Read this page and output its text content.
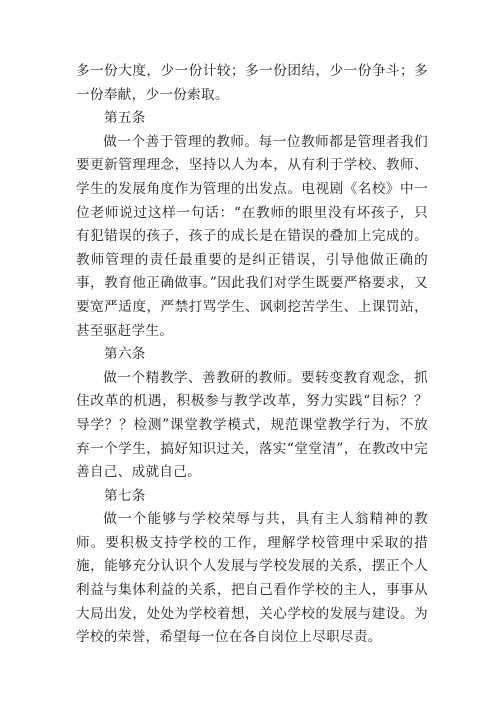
多一份大度，少一份计较；多一份团结，少一份争斗；多一份奉献，少一份索取。

第五条

做一个善于管理的教师。每一位教师都是管理者我们要更新管理理念，坚持以人为本，从有利于学校、教师、学生的发展角度作为管理的出发点。电视剧《名校》中一位老师说过这样一句话：“在教师的眼里没有坏孩子，只有犯错误的孩子，孩子的成长是在错误的叠加上完成的。教师管理的责任最重要的是纠正错误，引导他做正确的事，教育他正确做事。”因此我们对学生既要严格要求，又要宽严适度，严禁打骂学生、讽刺挖苦学生、上课罚站，甚至驱赶学生。

第六条

做一个精教学、善教研的教师。要转变教育观念，抓住改革的机遇，积极参与教学改革，努力实践“目标？？导学？？检测”课堂教学模式，规范课堂教学行为，不放弃一个学生，搞好知识过关，落实“堂堂清”，在教改中完善自己、成就自己。

第七条

做一个能够与学校荣辱与共，具有主人翁精神的教师。要积极支持学校的工作，理解学校管理中采取的措施，能够充分认识个人发展与学校发展的关系，摆正个人利益与集体利益的关系，把自己看作学校的主人，事事从大局出发，处处为学校着想，关心学校的发展与建设。为学校的荣誉，希望每一位在各自岗位上尽职尽责。
